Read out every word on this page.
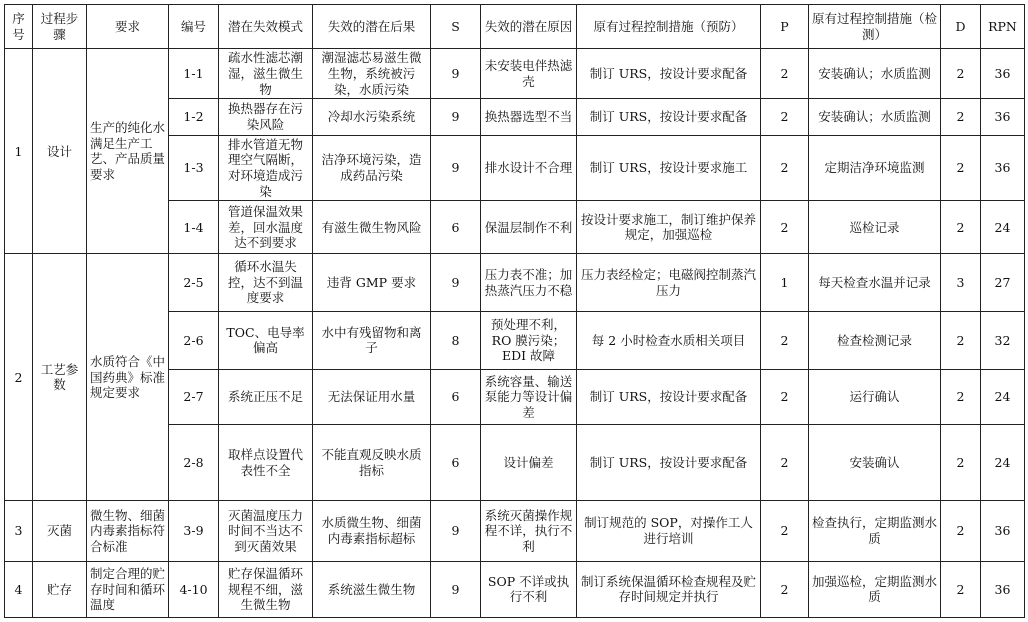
序号	过程步骤	要求	编号	潜在失效模式	失效的潜在后果	S	失效的潜在原因	原有过程控制措施（预防）	P	原有过程控制措施（检测）	D	RPN
1	设计	生产的纯化水满足生产工艺、产品质量要求	1-1	疏水性滤芯潮湿，滋生微生物	潮湿滤芯易滋生微生物，系统被污染，水质污染	9	未安装电伴热滤壳	制订 URS，按设计要求配备	2	安装确认；水质监测	2	36
			1-2	换热器存在污染风险	冷却水污染系统	9	换热器选型不当	制订 URS，按设计要求配备	2	安装确认；水质监测	2	36
			1-3	排水管道无物理空气隔断，对环境造成污染	洁净环境污染，造成药品污染	9	排水设计不合理	制订 URS，按设计要求施工	2	定期洁净环境监测	2	36
			1-4	管道保温效果差，回水温度达不到要求	有滋生微生物风险	6	保温层制作不利	按设计要求施工，制订维护保养规定，加强巡检	2	巡检记录	2	24
2	工艺参数	水质符合《中国药典》标准规定要求	2-5	循环水温失控，达不到温度要求	违背 GMP 要求	9	压力表不准；加热蒸汽压力不稳	压力表经检定；电磁阀控制蒸汽压力	1	每天检查水温并记录	3	27
			2-6	TOC、电导率偏高	水中有残留物和离子	8	预处理不利，RO 膜污染；EDI 故障	每 2 小时检查水质相关项目	2	检查检测记录	2	32
			2-7	系统正压不足	无法保证用水量	6	系统容量、输送泵能力等设计偏差	制订 URS，按设计要求配备	2	运行确认	2	24
			2-8	取样点设置代表性不全	不能直观反映水质指标	6	设计偏差	制订 URS，按设计要求配备	2	安装确认	2	24
3	灭菌	微生物、细菌内毒素指标符合标准	3-9	灭菌温度压力时间不当达不到灭菌效果	水质微生物、细菌内毒素指标超标	9	系统灭菌操作规程不详，执行不利	制订规范的 SOP，对操作工人进行培训	2	检查执行，定期监测水质	2	36
4	贮存	制定合理的贮存时间和循环温度	4-10	贮存保温循环规程不细，滋生微生物	系统滋生微生物	9	SOP 不详或执行不利	制订系统保温循环检查规程及贮存时间规定并执行	2	加强巡检，定期监测水质	2	36
